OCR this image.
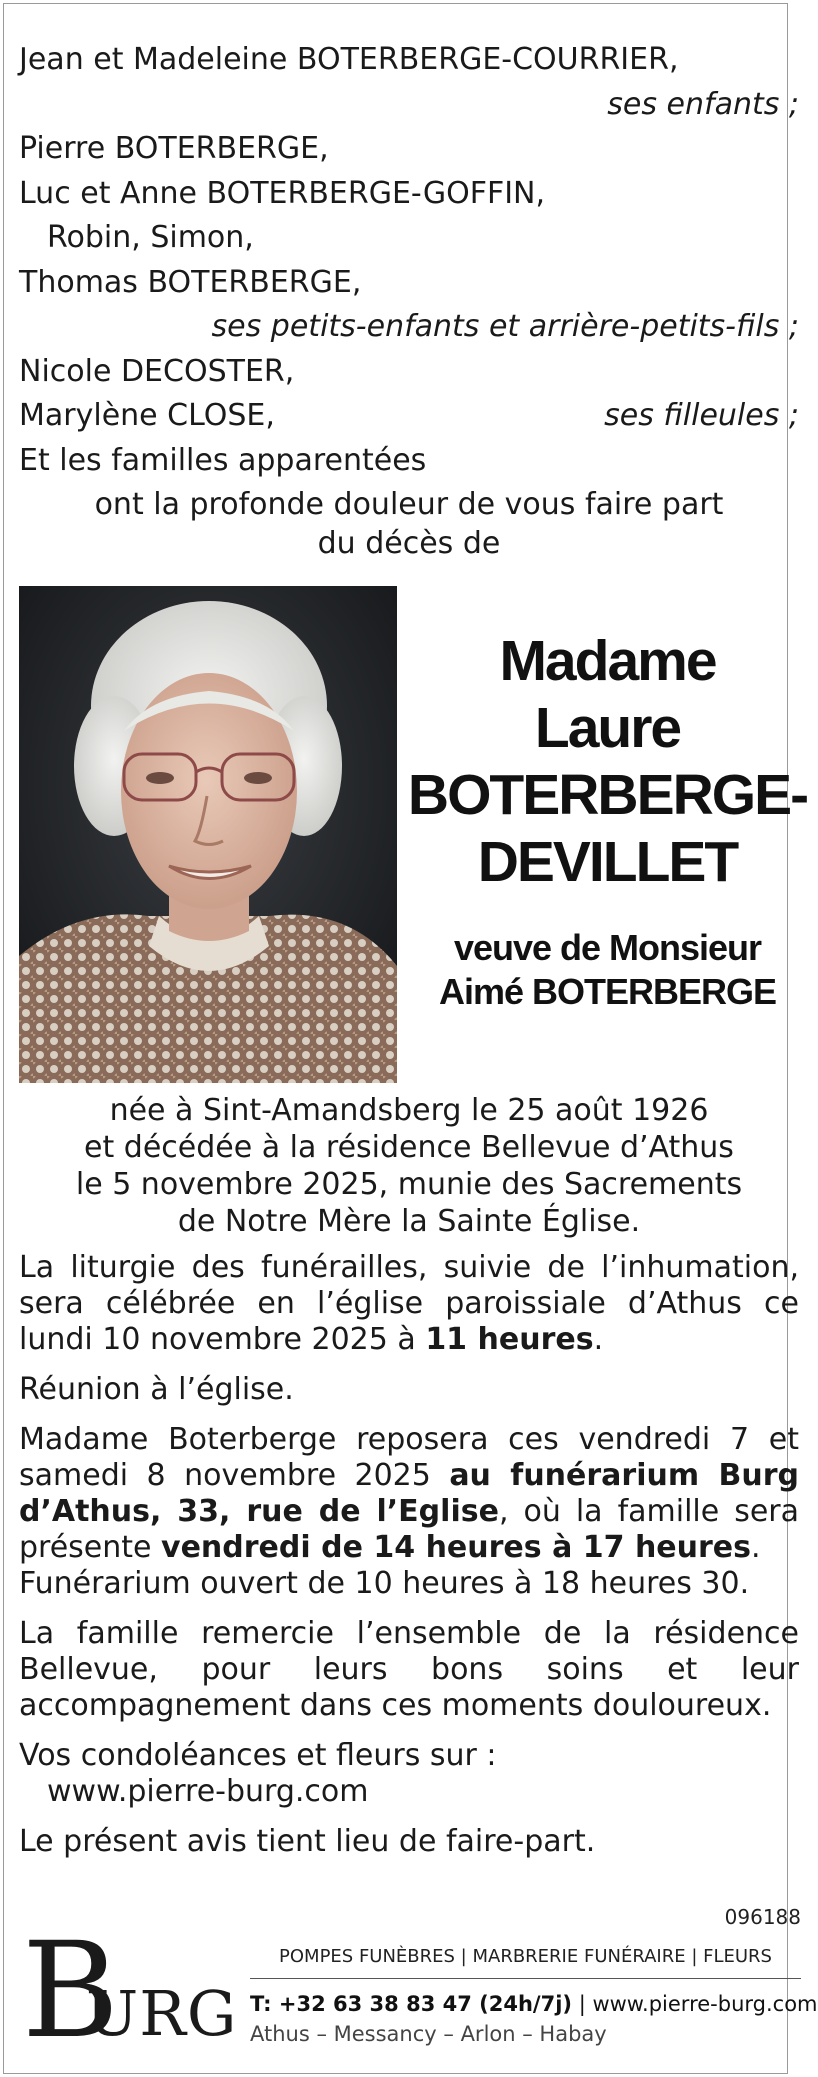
Jean et Madeleine BOTERBERGE-COURRIER,
ses enfants ;
Pierre BOTERBERGE,
Luc et Anne BOTERBERGE-GOFFIN,
Robin, Simon,
Thomas BOTERBERGE,
ses petits-enfants et arrière-petits-fils ;
Nicole DECOSTER,
Marylène CLOSE,	ses filleules ;
Et les familles apparentées
ont la profonde douleur de vous faire part
du décès de
Madame
Laure
BOTERBERGE-
DEVILLET
veuve de Monsieur
Aimé BOTERBERGE
née à Sint-Amandsberg le 25 août 1926
et décédée à la résidence Bellevue d’Athus
le 5 novembre 2025, munie des Sacrements
de Notre Mère la Sainte Église.
La liturgie des funérailles, suivie de l’inhumation, sera célébrée en l’église paroissiale d’Athus ce lundi 10 novembre 2025 à 11 heures.
Réunion à l’église.
Madame Boterberge reposera ces vendredi 7 et samedi 8 novembre 2025 au funérarium Burg d’Athus, 33, rue de l’Eglise, où la famille sera présente vendredi de 14 heures à 17 heures.
Funérarium ouvert de 10 heures à 18 heures 30.
La famille remercie l’ensemble de la résidence Bellevue, pour leurs bons soins et leur accompagnement dans ces moments douloureux.
Vos condoléances et fleurs sur :
www.pierre-burg.com
Le présent avis tient lieu de faire-part.
096188
B
URG
POMPES FUNÈBRES | MARBRERIE FUNÉRAIRE | FLEURS
T: +32 63 38 83 47 (24h/7j) | www.pierre-burg.com
Athus – Messancy – Arlon – Habay
